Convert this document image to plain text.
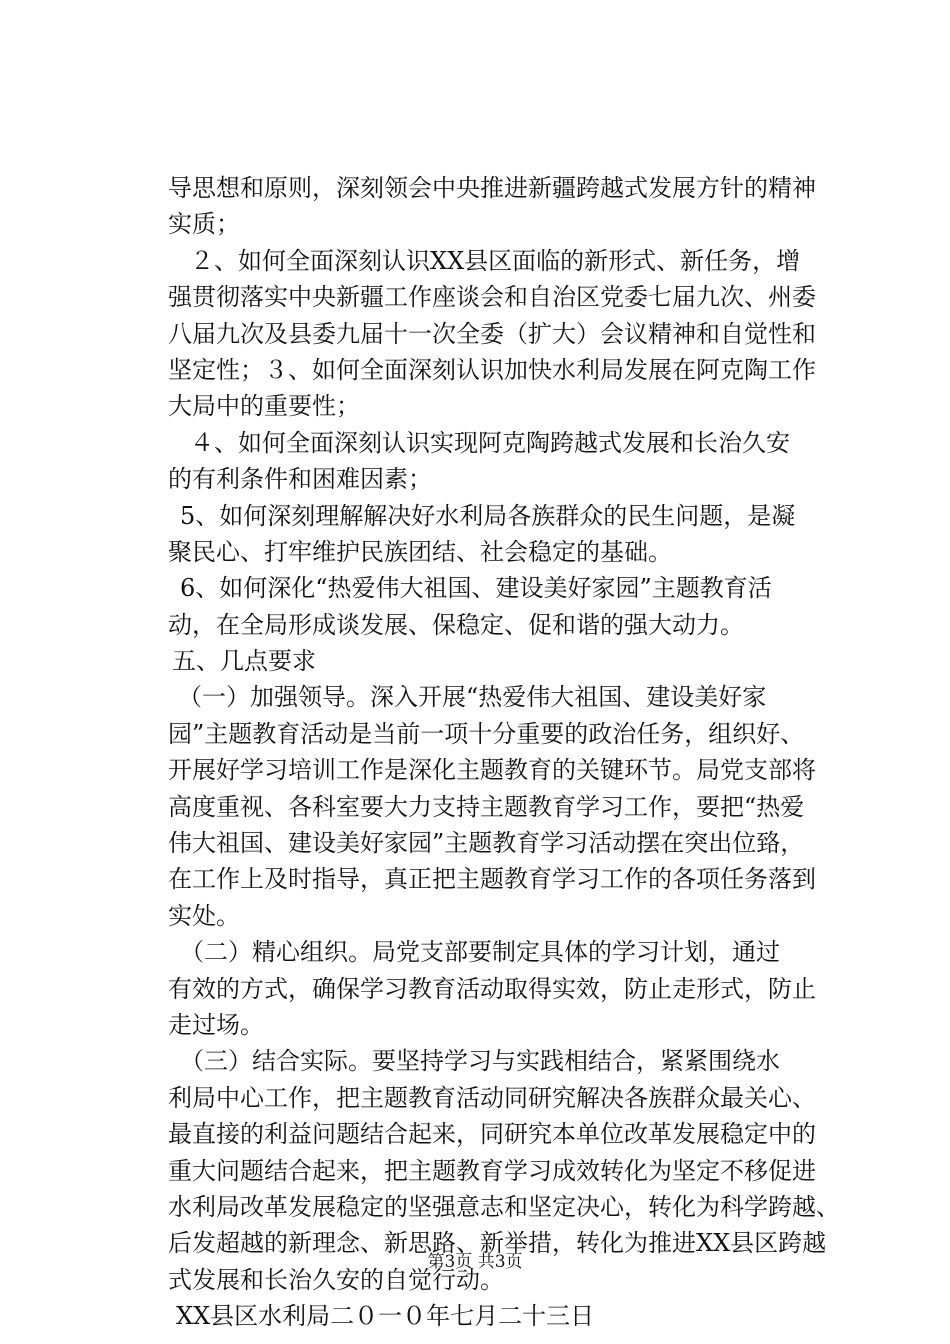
导思想和原则，深刻领会中央推进新疆跨越式发展方针的精神
实质；
２、如何全面深刻认识XX县区面临的新形式、新任务，增
强贯彻落实中央新疆工作座谈会和自治区党委七届九次、州委
八届九次及县委九届十一次全委（扩大）会议精神和自觉性和
坚定性；３、如何全面深刻认识加快水利局发展在阿克陶工作
大局中的重要性；
４、如何全面深刻认识实现阿克陶跨越式发展和长治久安
的有利条件和困难因素；
5、如何深刻理解解决好水利局各族群众的民生问题，是凝
聚民心、打牢维护民族团结、社会稳定的基础。
6、如何深化“热爱伟大祖国、建设美好家园”主题教育活
动，在全局形成谈发展、保稳定、促和谐的强大动力。
五、几点要求
（一）加强领导。深入开展“热爱伟大祖国、建设美好家
园”主题教育活动是当前一项十分重要的政治任务，组织好、
开展好学习培训工作是深化主题教育的关键环节。局党支部将
高度重视、各科室要大力支持主题教育学习工作，要把“热爱
伟大祖国、建设美好家园”主题教育学习活动摆在突出位臵，
在工作上及时指导，真正把主题教育学习工作的各项任务落到
实处。
（二）精心组织。局党支部要制定具体的学习计划，通过
有效的方式，确保学习教育活动取得实效，防止走形式，防止
走过场。
（三）结合实际。要坚持学习与实践相结合，紧紧围绕水
利局中心工作，把主题教育活动同研究解决各族群众最关心、
最直接的利益问题结合起来，同研究本单位改革发展稳定中的
重大问题结合起来，把主题教育学习成效转化为坚定不移促进
水利局改革发展稳定的坚强意志和坚定决心，转化为科学跨越、
后发超越的新理念、新思路、新举措，转化为推进XX县区跨越
式发展和长治久安的自觉行动。
XX县区水利局二０一０年七月二十三日
第3页 共3页
